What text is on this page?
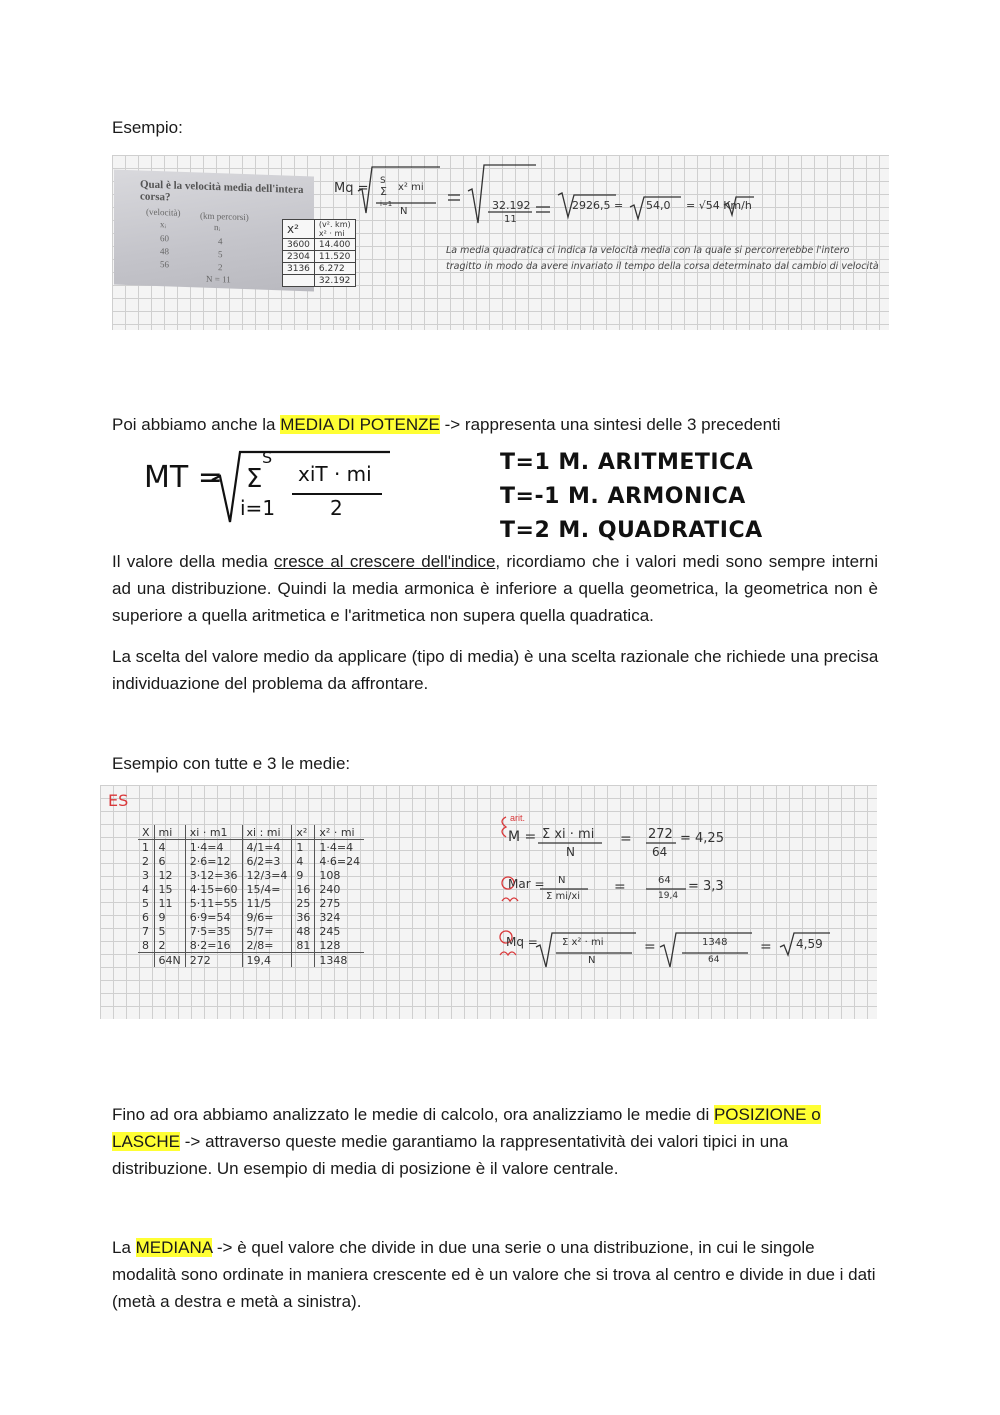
Esempio:
Qual è la velocità media dell'intera corsa?
(velocità) (km percorsi)
xᵢ	nᵢ
60	4
48	5
56	2
N = 11
x²	(v². km)
x² · mi
3600	14.400
2304	11.520
3136	6.272
	32.192
S
Σ
i=1
Mq =	x² mi
N	32.192
11
2926,5 = 54,0 = √54 Km/h
La media quadratica ci indica la velocità media con la quale si percorrerebbe l'intero tragitto in modo da avere invariato il tempo della corsa determinato dal cambio di velocità
Poi abbiamo anche la MEDIA DI POTENZE -> rappresenta una sintesi delle 3 precedenti
MT =
S
Σ
i=1
xiT · mi
2
T=1 M. ARITMETICA
T=-1 M. ARMONICA
T=2 M. QUADRATICA
Il valore della media cresce al crescere dell'indice, ricordiamo che i valori medi sono sempre interni ad una distribuzione. Quindi la media armonica è inferiore a quella geometrica, la geometrica non è superiore a quella aritmetica e l'aritmetica non supera quella quadratica.
La scelta del valore medio da applicare (tipo di media) è una scelta razionale che richiede una precisa individuazione del problema da affrontare.
Esempio con tutte e 3 le medie:
ES
X	mi	xi · m1	xi : mi	x²	x² · mi
1	4	1·4=4	4/1=4	1	1·4=4
2	6	2·6=12	6/2=3	4	4·6=24
3	12	3·12=36	12/3=4	9	108
4	15	4·15=60	15/4=	16	240
5	11	5·11=55	11/5	25	275
6	9	6·9=54	9/6=	36	324
7	5	7·5=35	5/7=	48	245
8	2	8·2=16	2/8=	81	128
	64N	272	19,4		1348
arit.
M = Σ xi · mi
N
= 272
64
= 4,25
Mar = N
Σ mi/xi
=	64
19,4
= 3,3
Mq = Σ x² · mi
N
=	1348
64
= 4,59
Fino ad ora abbiamo analizzato le medie di calcolo, ora analizziamo le medie di POSIZIONE o LASCHE -> attraverso queste medie garantiamo la rappresentatività dei valori tipici in una distribuzione. Un esempio di media di posizione è il valore centrale.
La MEDIANA -> è quel valore che divide in due una serie o una distribuzione, in cui le singole modalità sono ordinate in maniera crescente ed è un valore che si trova al centro e divide in due i dati (metà a destra e metà a sinistra).
